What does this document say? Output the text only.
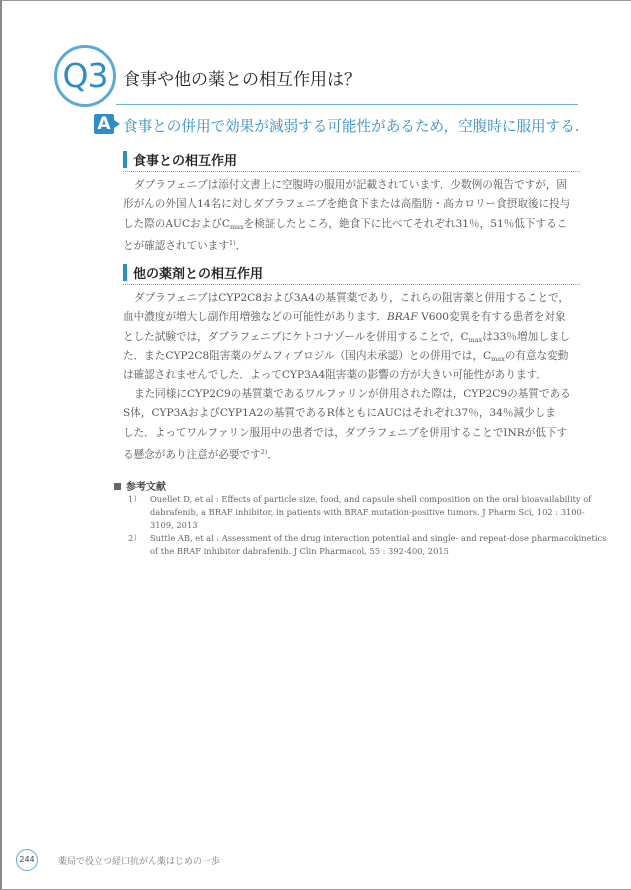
Q3 食事や他の薬との相互作用は？
A 食事との併用で効果が減弱する可能性があるため，空腹時に服用する.
食事との相互作用
ダブラフェニブは添付文書上に空腹時の服用が記載されています．少数例の報告ですが，固
形がんの外国人14名に対しダブラフェニブを絶食下または高脂肪・高カロリー食摂取後に投与
した際のAUCおよび$C_{max}$を検証したところ，絶食下に比べてそれぞれ31％，51％低下するこ
とが確認されています$^{1)}$．
他の薬剤との相互作用
ダブラフェニブはCYP2C8および3A4の基質薬であり，これらの阻害薬と併用することで，
血中濃度が増大し副作用増強などの可能性があります．BRAF V600変異を有する患者を対象
とした試験では，ダブラフェニブにケトコナゾールを併用することで，$C_{max}$は33％増加しまし
た．またCYP2C8阻害薬のゲムフィブロジル（国内未承認）との併用では，$C_{max}$の有意な変動
は確認されませんでした．よってCYP3A4阻害薬の影響の方が大きい可能性があります．
また同様にCYP2C9の基質薬であるワルファリンが併用された際は，CYP2C9の基質である
S体，CYP3AおよびCYP1A2の基質であるR体ともにAUCはそれぞれ37％，34％減少しま
した．よってワルファリン服用中の患者では，ダブラフェニブを併用することでINRが低下す
る懸念があり注意が必要です$^{2)}$．
参考文献
1）	Ouellet D, et al : Effects of particle size, food, and capsule shell composition on the oral bioavailability of
dabrafenib, a BRAF inhibitor, in patients with BRAF mutation-positive tumors. J Pharm Sci, 102 : 3100-
3109, 2013
2）	Suttle AB, et al : Assessment of the drug interaction potential and single- and repeat-dose pharmacokinetics
of the BRAF inhibitor dabrafenib. J Clin Pharmacol, 55 : 392-400, 2015
244	薬局で役立つ経口抗がん薬はじめの一歩
